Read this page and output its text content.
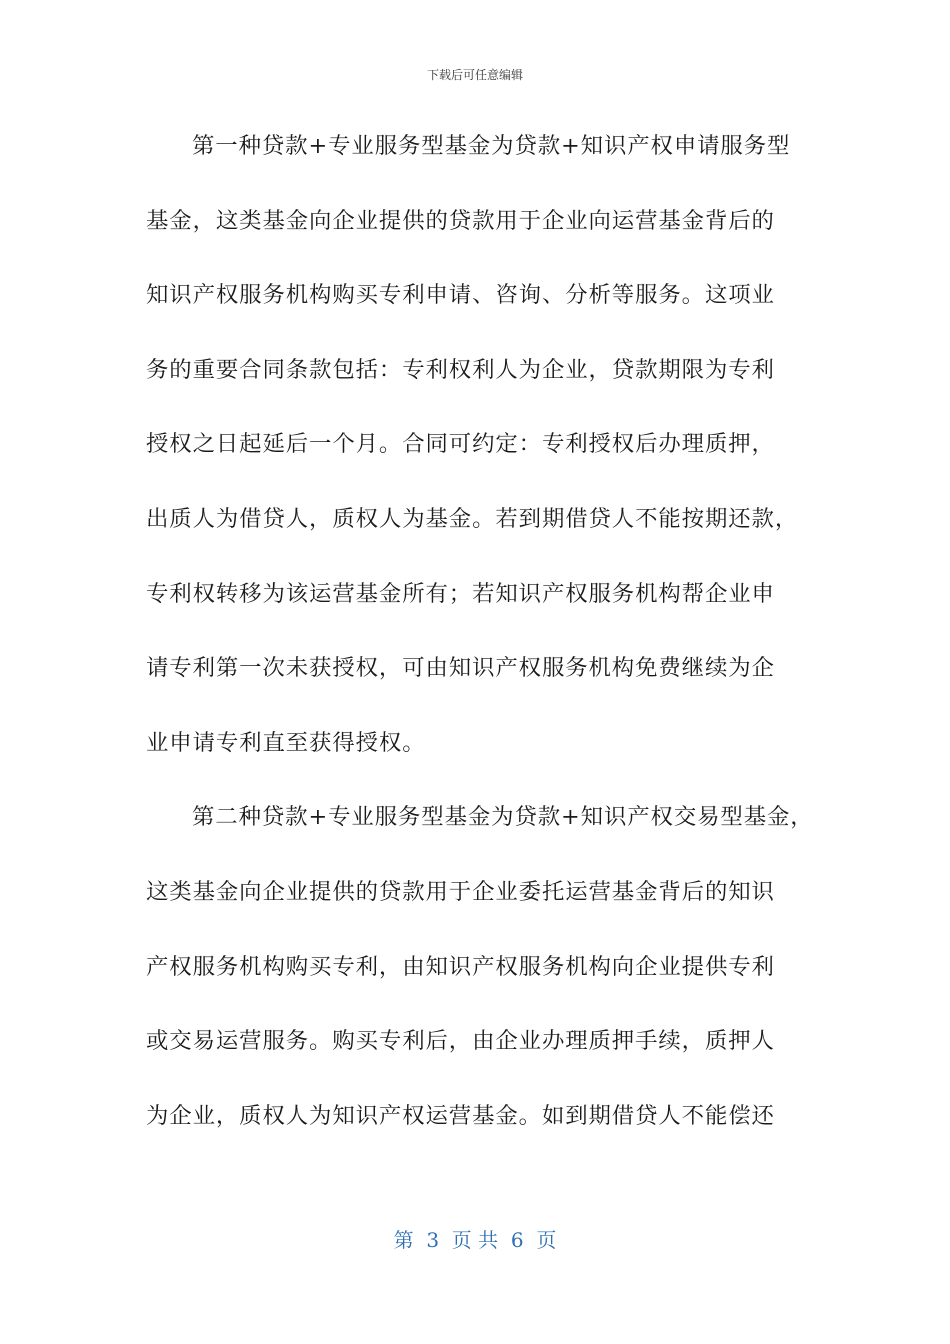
下载后可任意编辑
第一种贷款+专业服务型基金为贷款+知识产权申请服务型
基金，这类基金向企业提供的贷款用于企业向运营基金背后的
知识产权服务机构购买专利申请、咨询、分析等服务。这项业
务的重要合同条款包括：专利权利人为企业，贷款期限为专利
授权之日起延后一个月。合同可约定：专利授权后办理质押，
出质人为借贷人，质权人为基金。若到期借贷人不能按期还款，
专利权转移为该运营基金所有；若知识产权服务机构帮企业申
请专利第一次未获授权，可由知识产权服务机构免费继续为企
业申请专利直至获得授权。
第二种贷款+专业服务型基金为贷款+知识产权交易型基金，
这类基金向企业提供的贷款用于企业委托运营基金背后的知识
产权服务机构购买专利，由知识产权服务机构向企业提供专利
或交易运营服务。购买专利后，由企业办理质押手续，质押人
为企业，质权人为知识产权运营基金。如到期借贷人不能偿还
第  3  页 共  6  页
